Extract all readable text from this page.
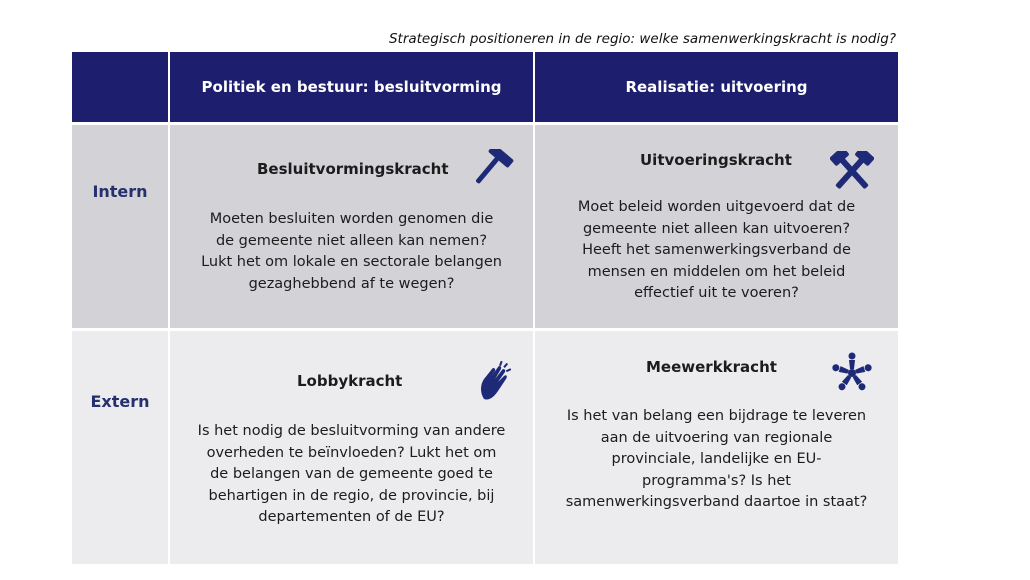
Strategisch positioneren in de regio: welke samenwerkingskracht is nodig?
Politiek en bestuur: besluitvorming	Realisatie: uitvoering
Intern
Besluitvormingskracht
Moeten besluiten worden genomen die
de gemeente niet alleen kan nemen?
Lukt het om lokale en sectorale belangen
gezaghebbend af te wegen?
Uitvoeringskracht
Moet beleid worden uitgevoerd dat de
gemeente niet alleen kan uitvoeren?
Heeft het samenwerkingsverband de
mensen en middelen om het beleid
effectief uit te voeren?
Extern
Lobbykracht
Is het nodig de besluitvorming van andere
overheden te beïnvloeden? Lukt het om
de belangen van de gemeente goed te
behartigen in de regio, de provincie, bij
departementen of de EU?
Meewerkkracht
Is het van belang een bijdrage te leveren
aan de uitvoering van regionale
provinciale, landelijke en EU-
programma's? Is het
samenwerkingsverband daartoe in staat?
